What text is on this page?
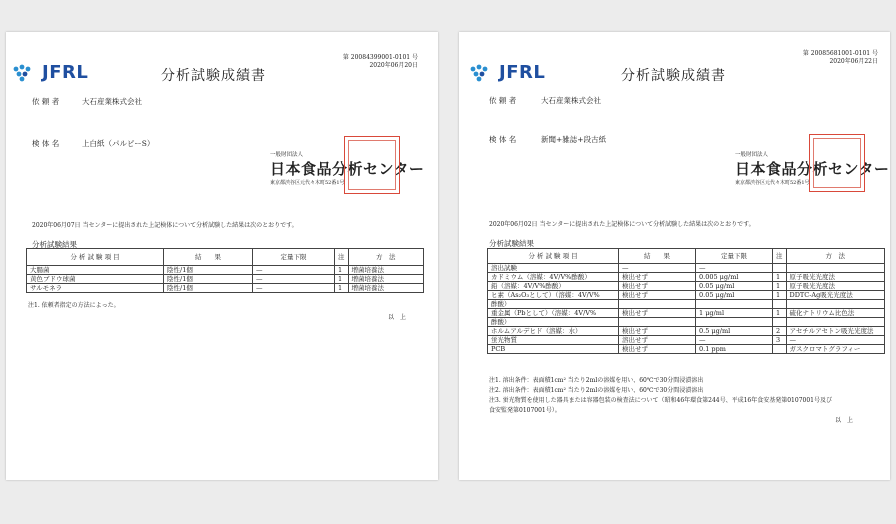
JFRL	分析試験成績書
第 20084399001-0101 号
2020年06月20日
依 頼 者	大石産業株式会社
検 体 名	上白紙（パルピーS）
一般財団法人
日本食品分析センター
東京都渋谷区元代々木町52番1号
2020年06月07日 当センターに提出された上記検体について分析試験した結果は次のとおりです。
分析試験結果
分 析 試 験 項 目	結　　果	定量下限	注	方　法
大腸菌	陰性/1個	—	1	増菌培養法
黄色ブドウ球菌	陰性/1個	—	1	増菌培養法
サルモネラ	陰性/1個	—	1	増菌培養法
注1. 依頼者指定の方法によった。
以　上
JFRL	分析試験成績書
第 20085681001-0101 号
2020年06月22日
依 頼 者	大石産業株式会社
検 体 名	新聞+雑誌+段古紙
一般財団法人
日本食品分析センター
東京都渋谷区元代々木町52番1号
2020年06月02日 当センターに提出された上記検体について分析試験した結果は次のとおりです。
分析試験結果
分 析 試 験 項 目	結　　果	定量下限	注	方　法
溶出試験	—	—		
カドミウム（溶媒：4V/V%酢酸）	検出せず	0.005 μg/ml	1	原子吸光光度法
鉛（溶媒：4V/V%酢酸）	検出せず	0.05 μg/ml	1	原子吸光光度法
ヒ素（As₂O₃として）（溶媒：4V/V%	検出せず	0.05 μg/ml	1	DDTC-Ag吸光光度法
酢酸）				
重金属（Pbとして）（溶媒：4V/V%	検出せず	1 μg/ml	1	硫化ナトリウム比色法
酢酸）				
ホルムアルデヒド（溶媒：水）	検出せず	0.5 μg/ml	2	アセチルアセトン吸光光度法
蛍光物質	溶出せず	—	3	—
PCB	検出せず	0.1 ppm		ガスクロマトグラフィー
注1. 溶出条件：表面積1cm² 当たり2mlの溶媒を用い、60℃で30分間浸漬溶出
注2. 溶出条件：表面積1cm² 当たり2mlの溶媒を用い、60℃で30分間浸漬溶出
注3. 蛍光物質を使用した器具または容器包装の検査法について（昭和46年環食第244号、平成16年食安基発第0107001号及び
食安監発第0107001号）。
以　上
